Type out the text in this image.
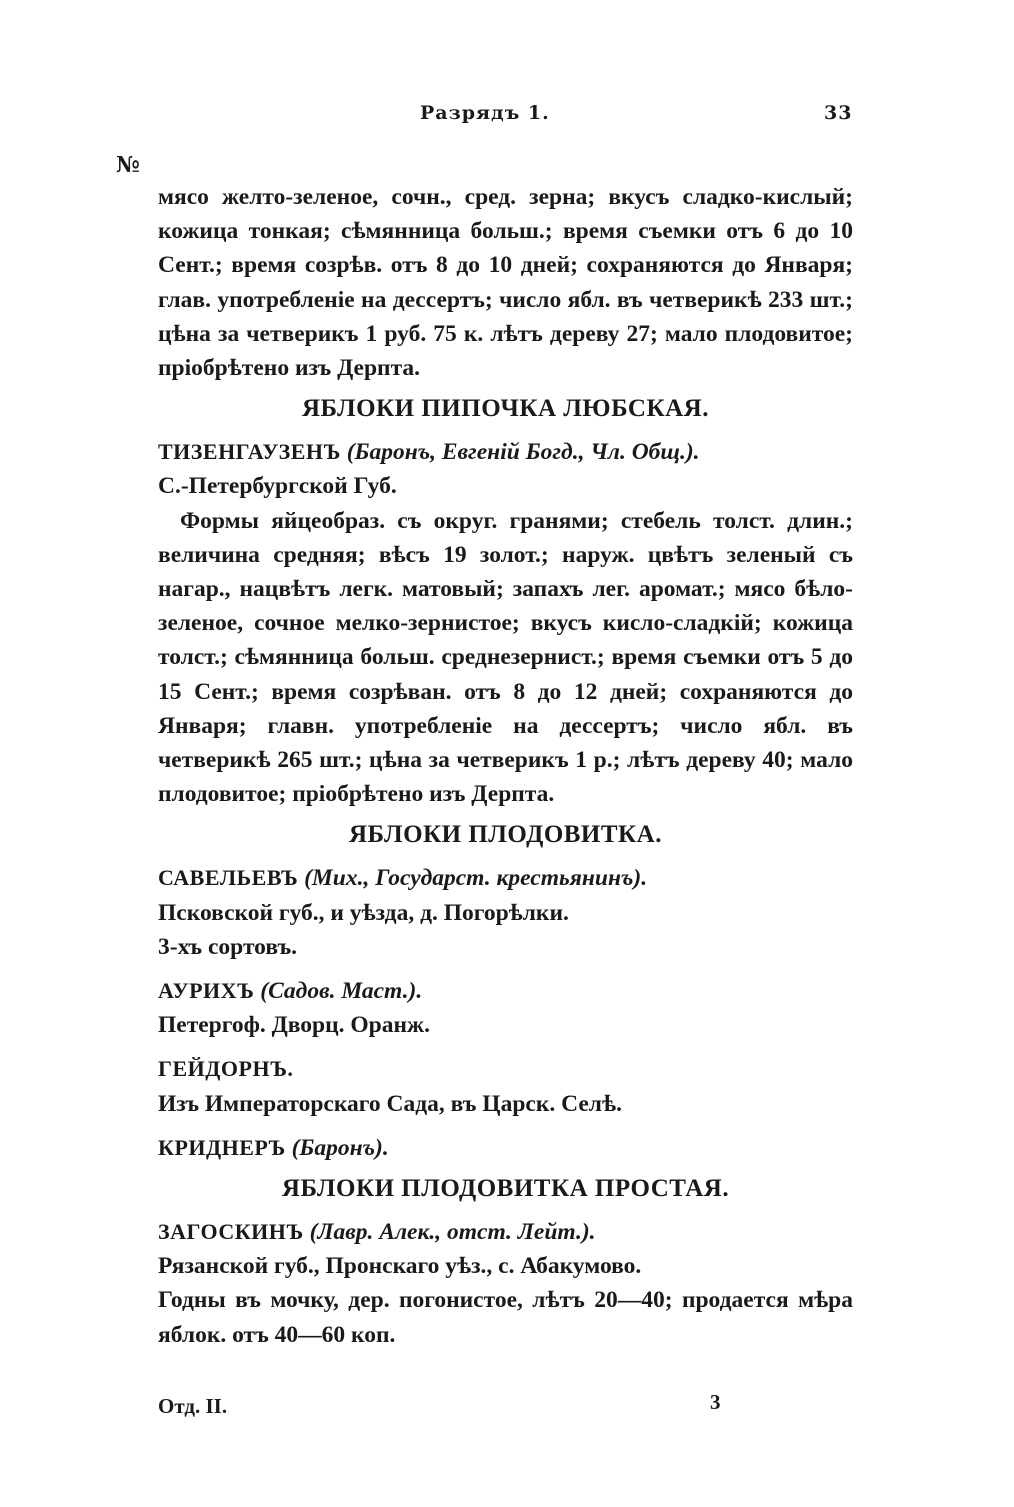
Разрядъ 1.	33
№
мясо желто-зеленое, сочн., сред. зерна; вкусъ сладко-кислый; кожица тонкая; сѣмянница больш.; время съемки отъ 6 до 10 Сент.; время созрѣв. отъ 8 до 10 дней; сохраняются до Января; глав. употребленіе на дессертъ; число ябл. въ четверикѣ 233 шт.; цѣна за четверикъ 1 руб. 75 к. лѣтъ дереву 27; мало плодовитое; пріобрѣтено изъ Дерпта.
ЯБЛОКИ ПИПОЧКА ЛЮБСКАЯ.
ТИЗЕНГАУЗЕНЪ (Баронъ, Евгеній Богд., Чл. Общ.).
С.-Петербургской Губ.
Формы яйцеобраз. съ округ. гранями; стебель толст. длин.; величина средняя; вѣсъ 19 золот.; наруж. цвѣтъ зеленый съ нагар., нацвѣтъ легк. матовый; запахъ лег. аромат.; мясо бѣло-зеленое, сочное мелко-зернистое; вкусъ кисло-сладкій; кожица толст.; сѣмянница больш. среднезернист.; время съемки отъ 5 до 15 Сент.; время созрѣван. отъ 8 до 12 дней; сохраняются до Января; главн. употребленіе на дессертъ; число ябл. въ четверикѣ 265 шт.; цѣна за четверикъ 1 р.; лѣтъ дереву 40; мало плодовитое; пріобрѣтено изъ Дерпта.
ЯБЛОКИ ПЛОДОВИТКА.
САВЕЛЬЕВЪ (Мих., Государст. крестьянинъ).
Псковской губ., и уѣзда, д. Погорѣлки.
3-хъ сортовъ.
АУРИХЪ (Садов. Маст.).
Петергоф. Дворц. Оранж.
ГЕЙДОРНЪ.
Изъ Императорскаго Сада, въ Царск. Селѣ.
КРИДНЕРЪ (Баронъ).
ЯБЛОКИ ПЛОДОВИТКА ПРОСТАЯ.
ЗАГОСКИНЪ (Лавр. Алек., отст. Лейт.).
Рязанской губ., Пронскаго уѣз., с. Абакумово.
Годны въ мочку, дер. погонистое, лѣтъ 20—40; продается мѣра яблок. отъ 40—60 коп.
Отд. II.	3
